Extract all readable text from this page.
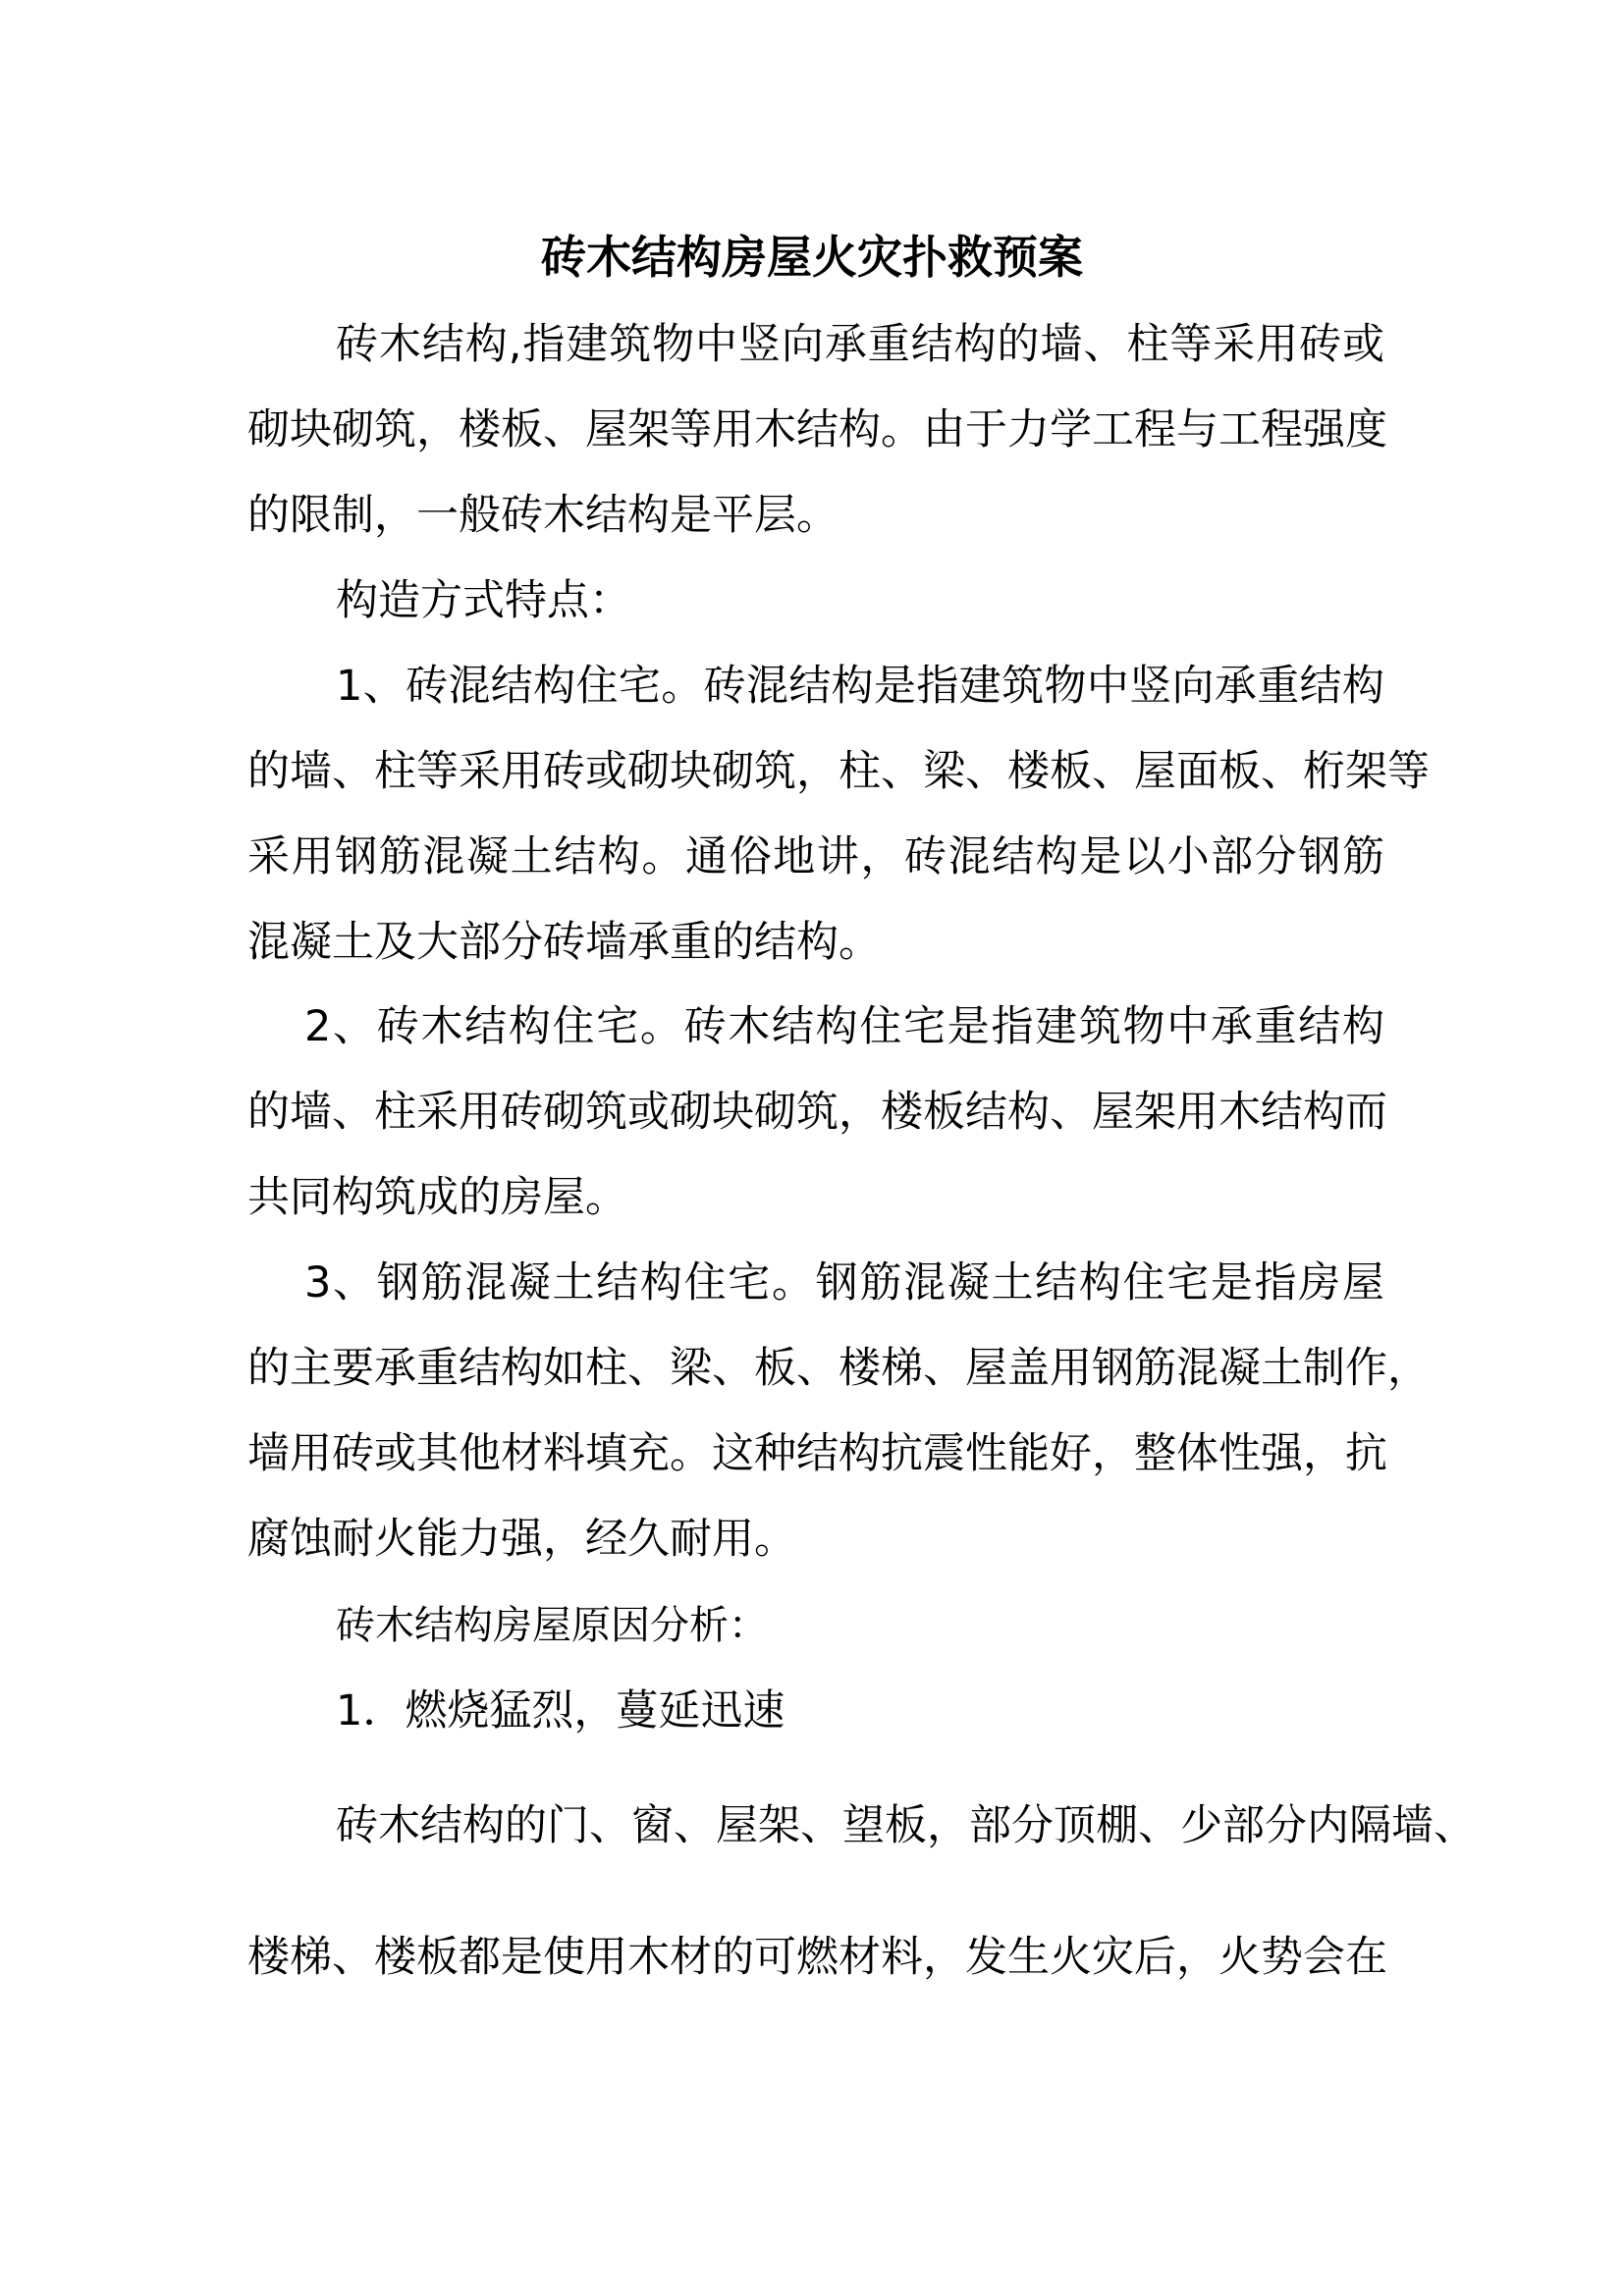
砖木结构房屋火灾扑救预案
砖木结构,指建筑物中竖向承重结构的墙、柱等采用砖或
砌块砌筑，楼板、屋架等用木结构。由于力学工程与工程强度
的限制，一般砖木结构是平层。
构造方式特点：
1、砖混结构住宅。砖混结构是指建筑物中竖向承重结构
的墙、柱等采用砖或砌块砌筑，柱、梁、楼板、屋面板、桁架等
采用钢筋混凝土结构。通俗地讲，砖混结构是以小部分钢筋
混凝土及大部分砖墙承重的结构。
2、砖木结构住宅。砖木结构住宅是指建筑物中承重结构
的墙、柱采用砖砌筑或砌块砌筑，楼板结构、屋架用木结构而
共同构筑成的房屋。
3、钢筋混凝土结构住宅。钢筋混凝土结构住宅是指房屋
的主要承重结构如柱、梁、板、楼梯、屋盖用钢筋混凝土制作，
墙用砖或其他材料填充。这种结构抗震性能好，整体性强，抗
腐蚀耐火能力强，经久耐用。
砖木结构房屋原因分析：
1．燃烧猛烈，蔓延迅速
砖木结构的门、窗、屋架、望板，部分顶棚、少部分内隔墙、
楼梯、楼板都是使用木材的可燃材料，发生火灾后，火势会在
